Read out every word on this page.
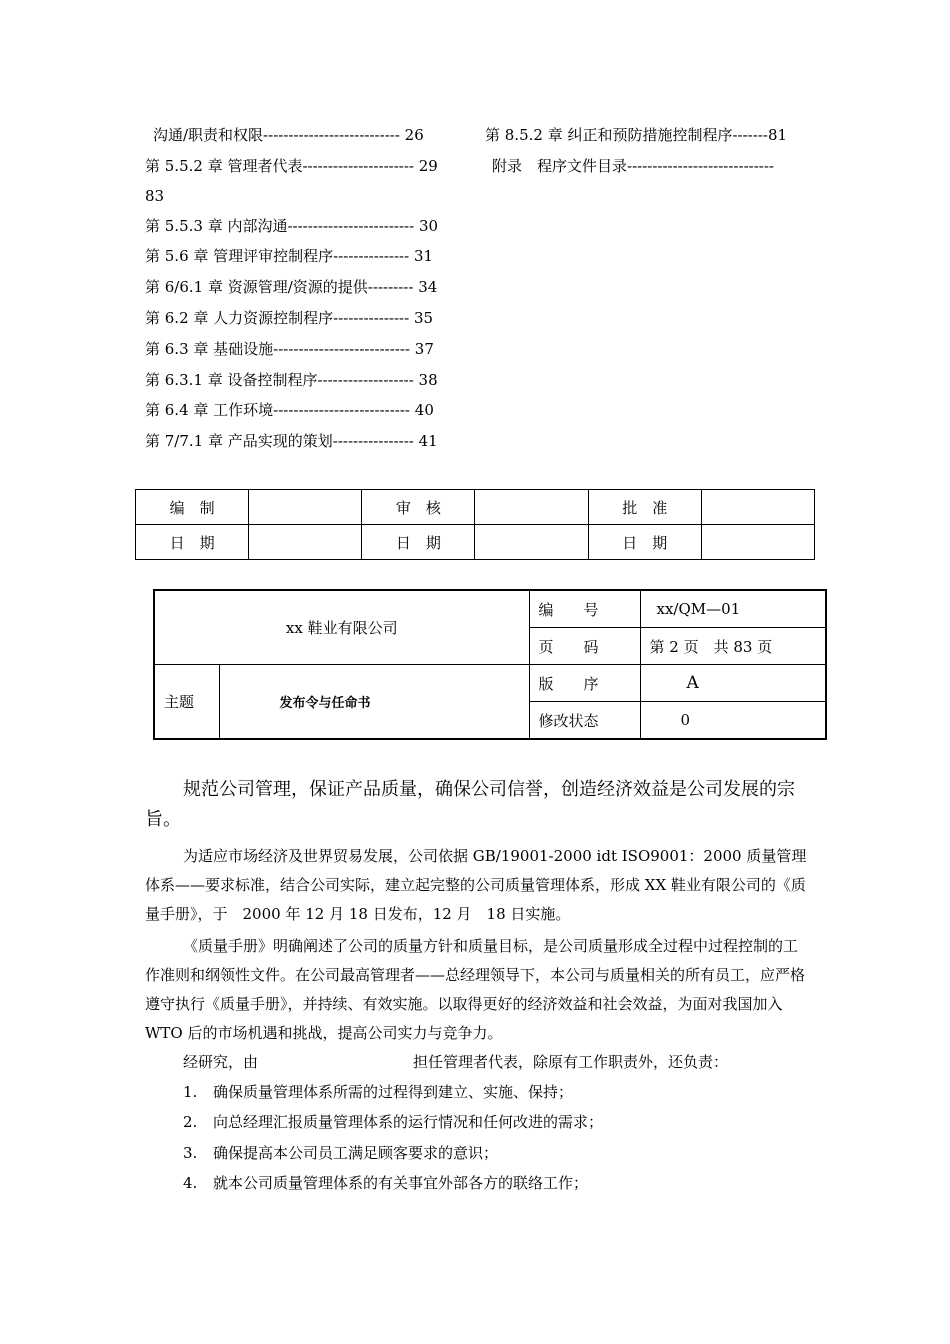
沟通/职责和权限--------------------------- 26
第 5.5.2 章 管理者代表---------------------- 29
83
第 5.5.3 章 内部沟通------------------------- 30
第 5.6 章 管理评审控制程序--------------- 31
第 6/6.1 章 资源管理/资源的提供--------- 34
第 6.2 章 人力资源控制程序--------------- 35
第 6.3 章 基础设施--------------------------- 37
第 6.3.1 章 设备控制程序------------------- 38
第 6.4 章 工作环境--------------------------- 40
第 7/7.1 章 产品实现的策划---------------- 41
第 8.5.2 章 纠正和预防措施控制程序-------81
附录　程序文件目录-----------------------------
编　制		审　核		批　准	
日　期		日　期		日　期	
xx 鞋业有限公司		编　　号	xx/QM—01
		页　　码	第 2 页　共 83 页
主题	发布令与任命书	版　　序	A
		修改状态	0
规范公司管理，保证产品质量，确保公司信誉，创造经济效益是公司发展的宗旨。
为适应市场经济及世界贸易发展，公司依据 GB/19001-2000 idt ISO9001：2000 质量管理体系——要求标准，结合公司实际，建立起完整的公司质量管理体系，形成 XX 鞋业有限公司的《质量手册》，于　2000 年 12 月 18 日发布，12 月　18 日实施。
《质量手册》明确阐述了公司的质量方针和质量目标，是公司质量形成全过程中过程控制的工作准则和纲领性文件。在公司最高管理者——总经理领导下，本公司与质量相关的所有员工，应严格遵守执行《质量手册》，并持续、有效实施。以取得更好的经济效益和社会效益，为面对我国加入 WTO 后的市场机遇和挑战，提高公司实力与竞争力。
经研究，由	担任管理者代表，除原有工作职责外，还负责：
1. 确保质量管理体系所需的过程得到建立、实施、保持；
2. 向总经理汇报质量管理体系的运行情况和任何改进的需求；
3. 确保提高本公司员工满足顾客要求的意识；
4. 就本公司质量管理体系的有关事宜外部各方的联络工作；
